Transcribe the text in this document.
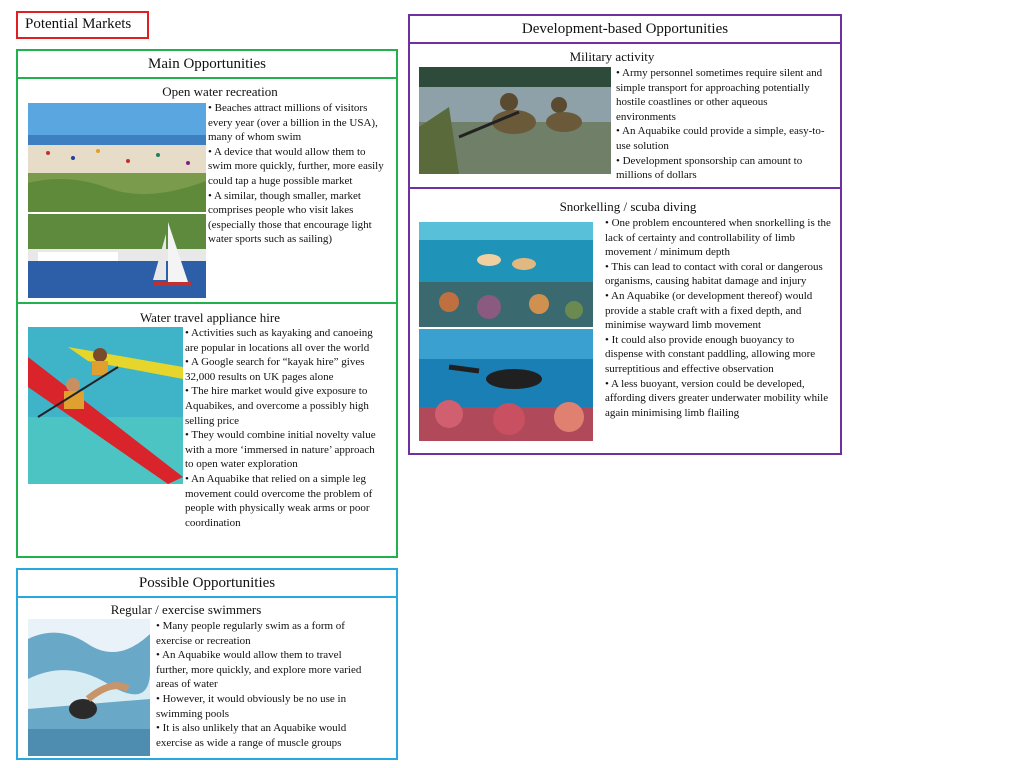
Potential Markets
Main Opportunities
Open water recreation
• Beaches attract millions of visitors every year (over a billion in the USA), many of whom swim
• A device that would allow them to swim more quickly, further, more easily could tap a huge possible market
• A similar, though smaller, market comprises people who visit lakes (especially those that encourage light water sports such as sailing)
Water travel appliance hire
• Activities such as kayaking and canoeing are popular in locations all over the world
• A Google search for “kayak hire” gives 32,000 results on UK pages alone
• The hire market would give exposure to Aquabikes, and overcome a possibly high selling price
• They would combine initial novelty value with a more ‘immersed in nature’ approach to open water exploration
• An Aquabike that relied on a simple leg movement could overcome the problem of people with physically weak arms or poor coordination
Possible Opportunities
Regular / exercise swimmers
• Many people regularly swim as a form of exercise or recreation
• An Aquabike would allow them to travel further, more quickly, and explore more varied areas of water
• However, it would obviously be no use in swimming pools
• It is also unlikely that an Aquabike would exercise as wide a range of muscle groups
Development-based Opportunities
Military activity
• Army personnel sometimes require silent and simple transport for approaching potentially hostile coastlines or other aqueous environments
• An Aquabike could provide a simple, easy-to-use solution
• Development sponsorship can amount to millions of dollars
Snorkelling / scuba diving
• One problem encountered when snorkelling is the lack of certainty and controllability of limb movement / minimum depth
• This can lead to contact with coral or dangerous organisms, causing habitat damage and injury
• An Aquabike (or development thereof) would provide a stable craft with a fixed depth, and minimise wayward limb movement
• It could also provide enough buoyancy to dispense with constant paddling, allowing more surreptitious and effective observation
• A less buoyant, version could be developed, affording divers greater underwater mobility while again minimising limb flailing
